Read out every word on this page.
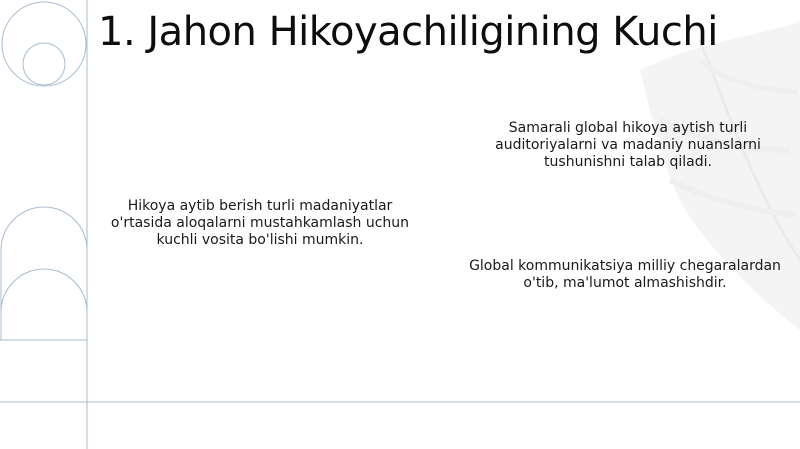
1. Jahon Hikoyachiligining Kuchi

Samarali global hikoya aytish turli auditoriyalarni va madaniy nuanslarni tushunishni talab qiladi.

Hikoya aytib berish turli madaniyatlar o'rtasida aloqalarni mustahkamlash uchun kuchli vosita bo'lishi mumkin.

Global kommunikatsiya milliy chegaralardan o'tib, ma'lumot almashishdir.
